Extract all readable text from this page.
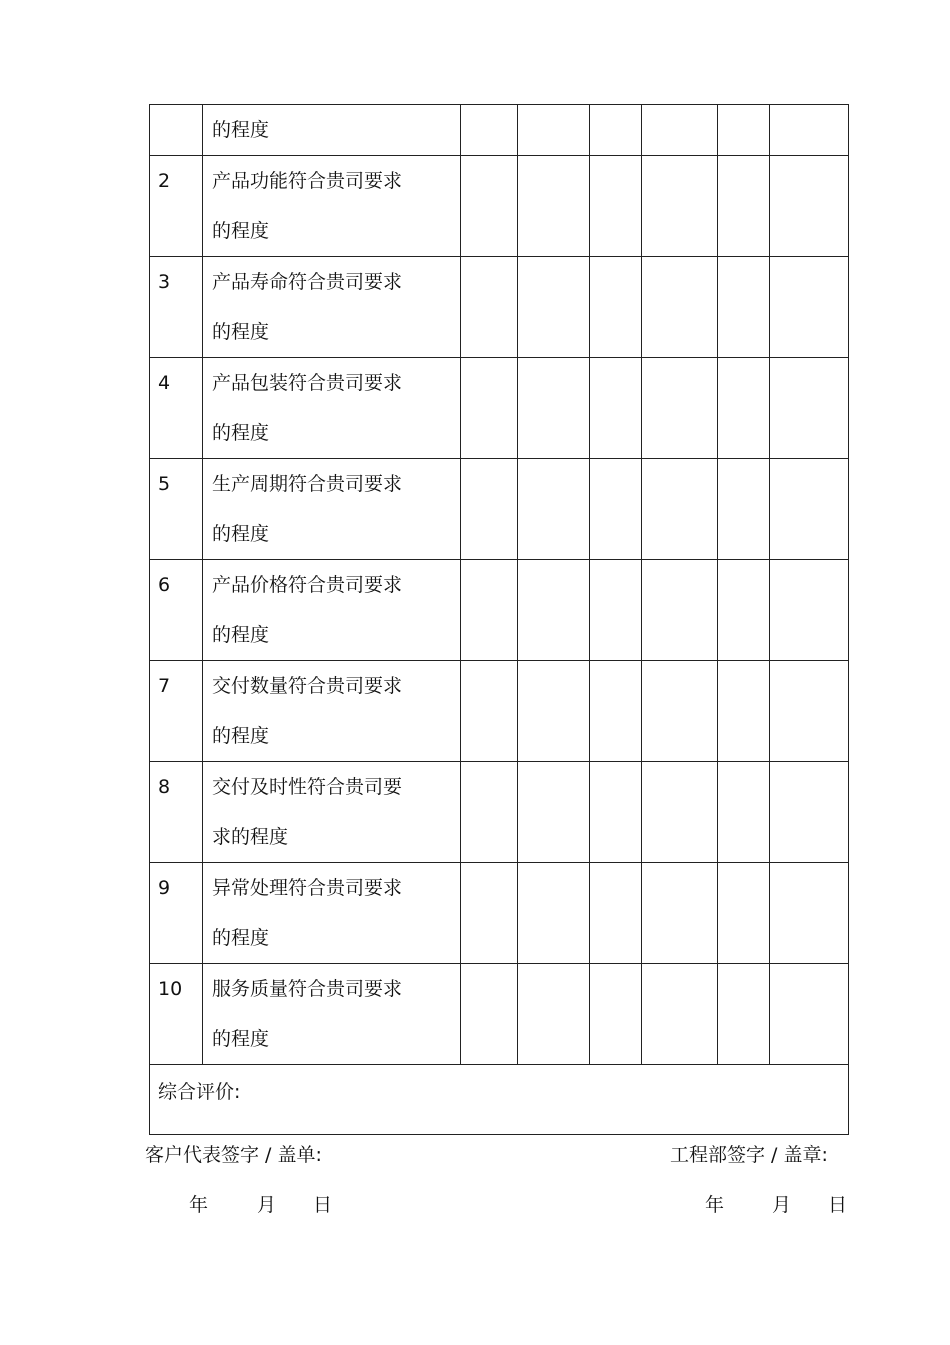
	的程度						

2	产品功能符合贵司要求
的程度						

3	产品寿命符合贵司要求
的程度						

4	产品包装符合贵司要求
的程度						

5	生产周期符合贵司要求
的程度						

6	产品价格符合贵司要求
的程度						

7	交付数量符合贵司要求
的程度						

8	交付及时性符合贵司要
求的程度						

9	异常处理符合贵司要求
的程度						

10	服务质量符合贵司要求
的程度						

综合评价:							
客户代表签字 / 盖单:	工程部签字 / 盖章:
年	月 日	年	月 日
